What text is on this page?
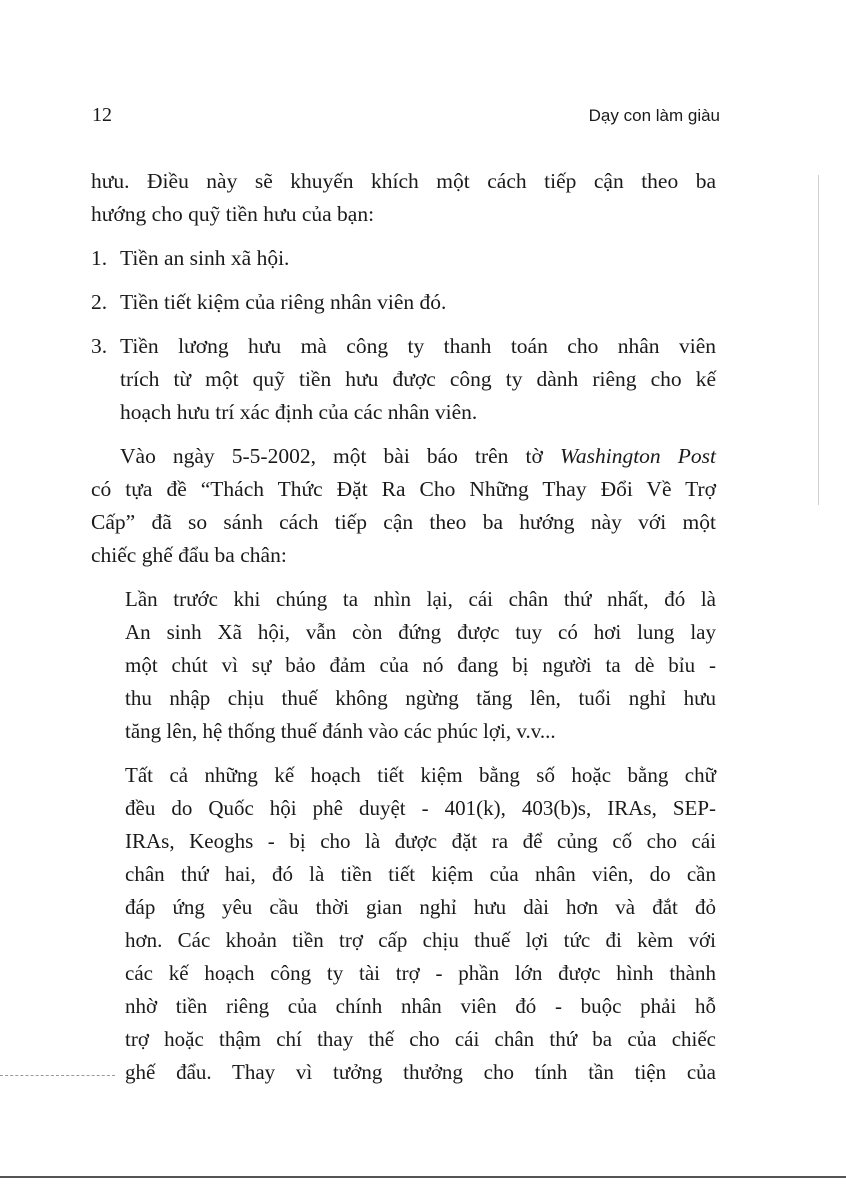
12	Dạy con làm giàu
hưu. Điều này sẽ khuyến khích một cách tiếp cận theo ba
hướng cho quỹ tiền hưu của bạn:
1. Tiền an sinh xã hội.
2. Tiền tiết kiệm của riêng nhân viên đó.
3. Tiền lương hưu mà công ty thanh toán cho nhân viên
trích từ một quỹ tiền hưu được công ty dành riêng cho kế
hoạch hưu trí xác định của các nhân viên.
Vào ngày 5-5-2002, một bài báo trên tờ Washington Post
có tựa đề “Thách Thức Đặt Ra Cho Những Thay Đổi Về Trợ
Cấp” đã so sánh cách tiếp cận theo ba hướng này với một
chiếc ghế đẩu ba chân:
Lần trước khi chúng ta nhìn lại, cái chân thứ nhất, đó là
An sinh Xã hội, vẫn còn đứng được tuy có hơi lung lay
một chút vì sự bảo đảm của nó đang bị người ta dè bỉu -
thu nhập chịu thuế không ngừng tăng lên, tuổi nghỉ hưu
tăng lên, hệ thống thuế đánh vào các phúc lợi, v.v...
Tất cả những kế hoạch tiết kiệm bằng số hoặc bằng chữ
đều do Quốc hội phê duyệt - 401(k), 403(b)s, IRAs, SEP-
IRAs, Keoghs - bị cho là được đặt ra để củng cố cho cái
chân thứ hai, đó là tiền tiết kiệm của nhân viên, do cần
đáp ứng yêu cầu thời gian nghỉ hưu dài hơn và đắt đỏ
hơn. Các khoản tiền trợ cấp chịu thuế lợi tức đi kèm với
các kế hoạch công ty tài trợ - phần lớn được hình thành
nhờ tiền riêng của chính nhân viên đó - buộc phải hỗ
trợ hoặc thậm chí thay thế cho cái chân thứ ba của chiếc
ghế đẩu. Thay vì tưởng thưởng cho tính tần tiện của
